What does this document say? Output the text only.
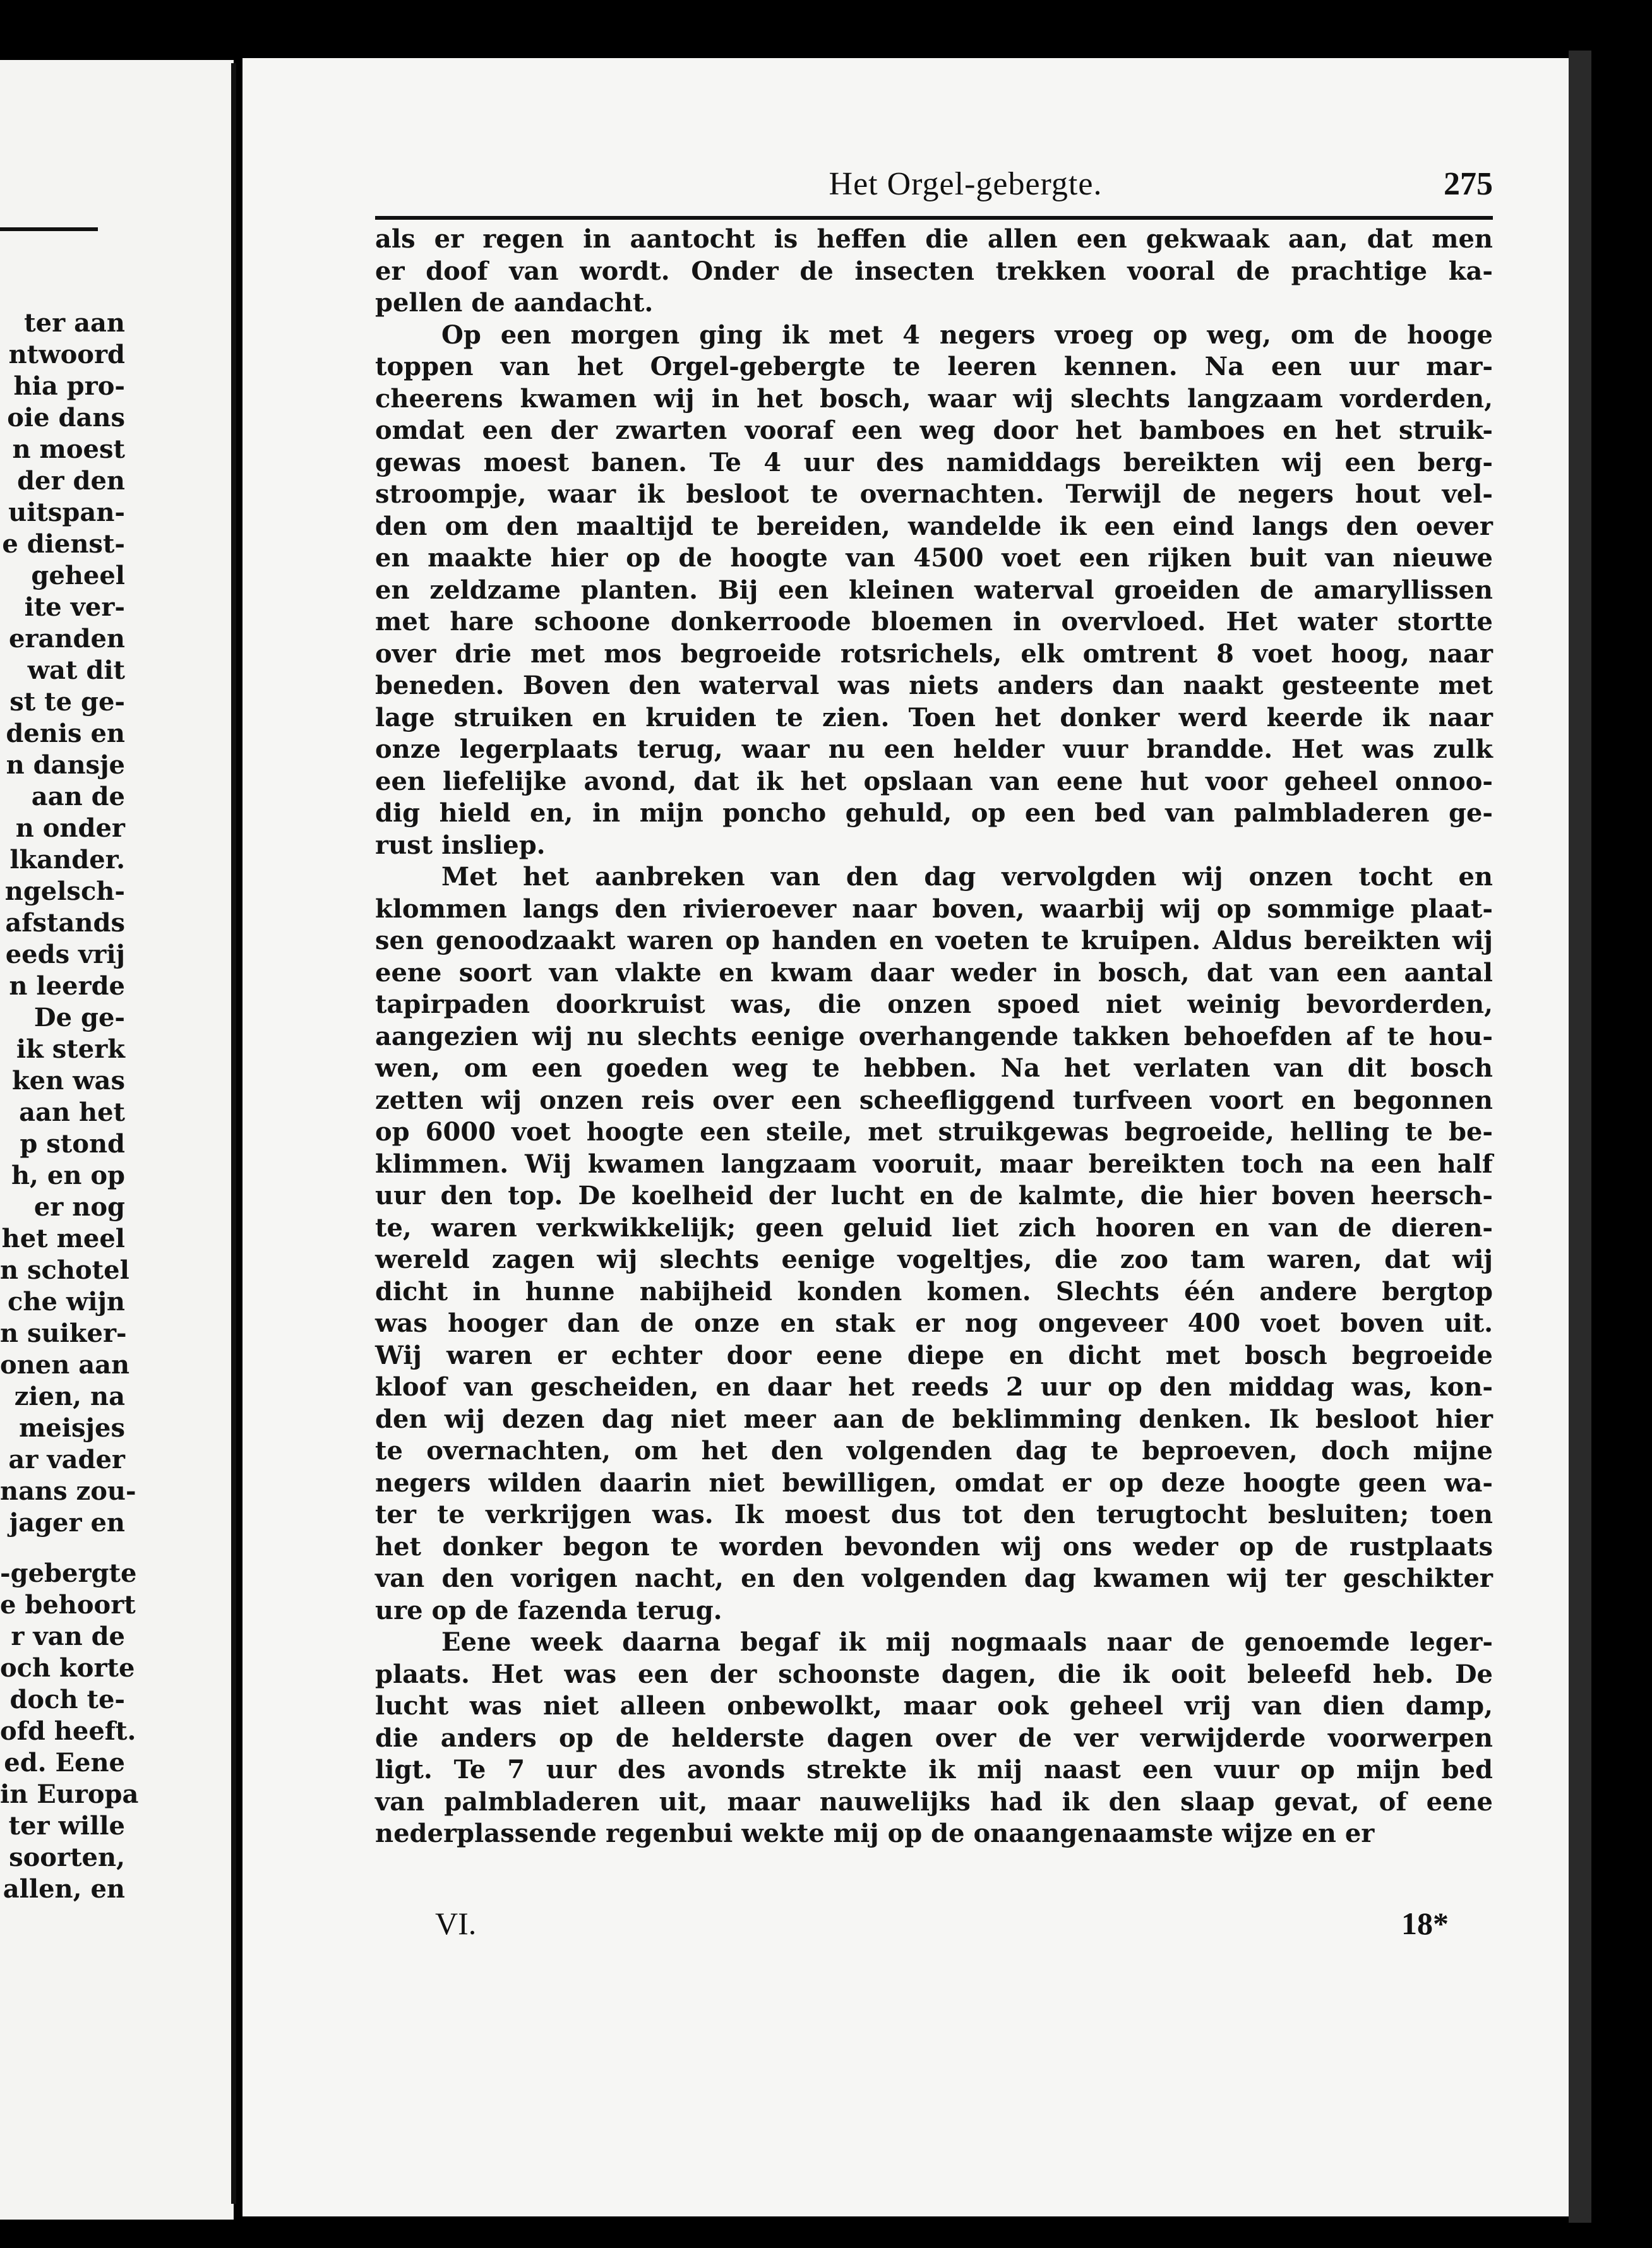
ter aan
ntwoord
hia pro-
oie dans
n moest
der den
uitspan-
e dienst-
geheel
ite ver-
eranden
wat dit
st te ge-
denis en
n dansje
aan de
n onder
lkander.
ngelsch-
afstands
eeds vrij
n leerde
De ge-
ik sterk
ken was
aan het
p stond
h, en op
er nog
het meel
n schotel
che wijn
n suiker-
onen aan
zien, na
meisjes
ar vader
nans zou-
jager en
-gebergte
e behoort
r van de
och korte
doch te-
ofd heeft.
ed. Eene
in Europa
ter wille
soorten,
allen, en
Het Orgel-gebergte.	275
als er regen in aantocht is heffen die allen een gekwaak aan, dat men
er doof van wordt. Onder de insecten trekken vooral de prachtige ka-
pellen de aandacht.
Op een morgen ging ik met 4 negers vroeg op weg, om de hooge
toppen van het Orgel-gebergte te leeren kennen. Na een uur mar-
cheerens kwamen wij in het bosch, waar wij slechts langzaam vorderden,
omdat een der zwarten vooraf een weg door het bamboes en het struik-
gewas moest banen. Te 4 uur des namiddags bereikten wij een berg-
stroompje, waar ik besloot te overnachten. Terwijl de negers hout vel-
den om den maaltijd te bereiden, wandelde ik een eind langs den oever
en maakte hier op de hoogte van 4500 voet een rijken buit van nieuwe
en zeldzame planten. Bij een kleinen waterval groeiden de amaryllissen
met hare schoone donkerroode bloemen in overvloed. Het water stortte
over drie met mos begroeide rotsrichels, elk omtrent 8 voet hoog, naar
beneden. Boven den waterval was niets anders dan naakt gesteente met
lage struiken en kruiden te zien. Toen het donker werd keerde ik naar
onze legerplaats terug, waar nu een helder vuur brandde. Het was zulk
een liefelijke avond, dat ik het opslaan van eene hut voor geheel onnoo-
dig hield en, in mijn poncho gehuld, op een bed van palmbladeren ge-
rust insliep.
Met het aanbreken van den dag vervolgden wij onzen tocht en
klommen langs den rivieroever naar boven, waarbij wij op sommige plaat-
sen genoodzaakt waren op handen en voeten te kruipen. Aldus bereikten wij
eene soort van vlakte en kwam daar weder in bosch, dat van een aantal
tapirpaden doorkruist was, die onzen spoed niet weinig bevorderden,
aangezien wij nu slechts eenige overhangende takken behoefden af te hou-
wen, om een goeden weg te hebben. Na het verlaten van dit bosch
zetten wij onzen reis over een scheefliggend turfveen voort en begonnen
op 6000 voet hoogte een steile, met struikgewas begroeide, helling te be-
klimmen. Wij kwamen langzaam vooruit, maar bereikten toch na een half
uur den top. De koelheid der lucht en de kalmte, die hier boven heersch-
te, waren verkwikkelijk; geen geluid liet zich hooren en van de dieren-
wereld zagen wij slechts eenige vogeltjes, die zoo tam waren, dat wij
dicht in hunne nabijheid konden komen. Slechts één andere bergtop
was hooger dan de onze en stak er nog ongeveer 400 voet boven uit.
Wij waren er echter door eene diepe en dicht met bosch begroeide
kloof van gescheiden, en daar het reeds 2 uur op den middag was, kon-
den wij dezen dag niet meer aan de beklimming denken. Ik besloot hier
te overnachten, om het den volgenden dag te beproeven, doch mijne
negers wilden daarin niet bewilligen, omdat er op deze hoogte geen wa-
ter te verkrijgen was. Ik moest dus tot den terugtocht besluiten; toen
het donker begon te worden bevonden wij ons weder op de rustplaats
van den vorigen nacht, en den volgenden dag kwamen wij ter geschikter
ure op de fazenda terug.
Eene week daarna begaf ik mij nogmaals naar de genoemde leger-
plaats. Het was een der schoonste dagen, die ik ooit beleefd heb. De
lucht was niet alleen onbewolkt, maar ook geheel vrij van dien damp,
die anders op de helderste dagen over de ver verwijderde voorwerpen
ligt. Te 7 uur des avonds strekte ik mij naast een vuur op mijn bed
van palmbladeren uit, maar nauwelijks had ik den slaap gevat, of eene
nederplassende regenbui wekte mij op de onaangenaamste wijze en er
VI.	18*
